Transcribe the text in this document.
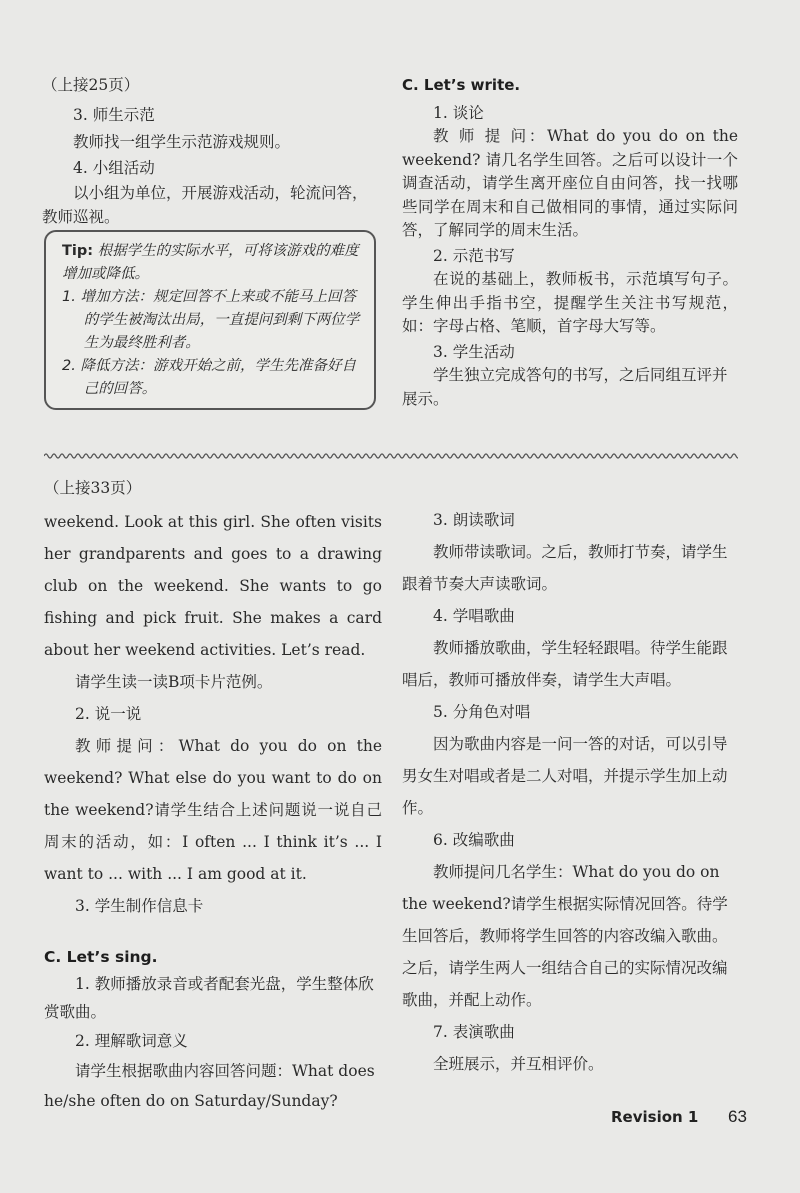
（上接25页）

3. 师生示范

教师找一组学生示范游戏规则。

4. 小组活动

以小组为单位，开展游戏活动，轮流问答，教师巡视。

Tip: 根据学生的实际水平，可将该游戏的难度增加或降低。

1. 增加方法：规定回答不上来或不能马上回答的学生被淘汰出局，一直提问到剩下两位学生为最终胜利者。

2. 降低方法：游戏开始之前，学生先准备好自己的回答。

C. Let’s write.

1. 谈论

教 师 提 问：What do you do on the weekend? 请几名学生回答。之后可以设计一个调查活动，请学生离开座位自由问答，找一找哪些同学在周末和自己做相同的事情，通过实际问答，了解同学的周末生活。

2. 示范书写

在说的基础上，教师板书，示范填写句子。学生伸出手指书空，提醒学生关注书写规范，如：字母占格、笔顺，首字母大写等。

3. 学生活动

学生独立完成答句的书写，之后同组互评并展示。

（上接33页）

weekend. Look at this girl. She often visits her grandparents and goes to a drawing club on the weekend. She wants to go fishing and pick fruit. She makes a card about her weekend activities. Let’s read.

请学生读一读B项卡片范例。

2. 说一说

教师提问：What do you do on the weekend? What else do you want to do on the weekend?请学生结合上述问题说一说自己周末的活动，如：I often ... I think it’s ... I want to ... with ... I am good at it.

3. 学生制作信息卡

C. Let’s sing.

1. 教师播放录音或者配套光盘，学生整体欣赏歌曲。

2. 理解歌词意义

请学生根据歌曲内容回答问题：What does he/she often do on Saturday/Sunday?

3. 朗读歌词

教师带读歌词。之后，教师打节奏，请学生跟着节奏大声读歌词。

4. 学唱歌曲

教师播放歌曲，学生轻轻跟唱。待学生能跟唱后，教师可播放伴奏，请学生大声唱。

5. 分角色对唱

因为歌曲内容是一问一答的对话，可以引导男女生对唱或者是二人对唱，并提示学生加上动作。

6. 改编歌曲

教师提问几名学生：What do you do on the weekend?请学生根据实际情况回答。待学生回答后，教师将学生回答的内容改编入歌曲。之后，请学生两人一组结合自己的实际情况改编歌曲，并配上动作。

7. 表演歌曲

全班展示，并互相评价。

Revision 1 63
